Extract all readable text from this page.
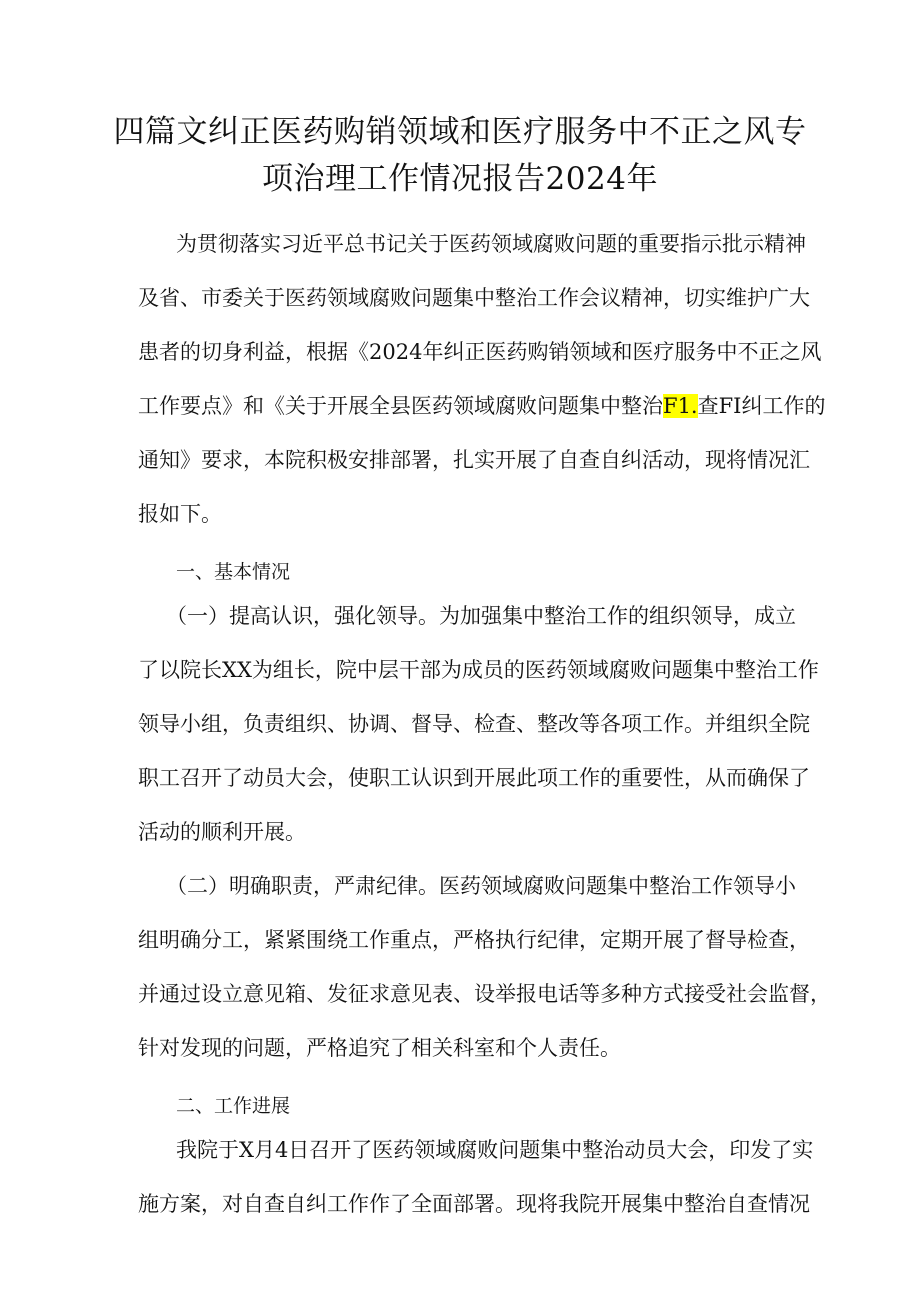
四篇文纠正医药购销领域和医疗服务中不正之风专
项治理工作情况报告2024年
为贯彻落实习近平总书记关于医药领域腐败问题的重要指示批示精神
及省、市委关于医药领域腐败问题集中整治工作会议精神，切实维护广大
患者的切身利益，根据《2024年纠正医药购销领域和医疗服务中不正之风
工作要点》和《关于开展全县医药领域腐败问题集中整治F1.查FI纠工作的
通知》要求，本院积极安排部署，扎实开展了自查自纠活动，现将情况汇
报如下。
一、基本情况
（一）提高认识，强化领导。为加强集中整治工作的组织领导，成立
了以院长XX为组长，院中层干部为成员的医药领域腐败问题集中整治工作
领导小组，负责组织、协调、督导、检查、整改等各项工作。并组织全院
职工召开了动员大会，使职工认识到开展此项工作的重要性，从而确保了
活动的顺利开展。
（二）明确职责，严肃纪律。医药领域腐败问题集中整治工作领导小
组明确分工，紧紧围绕工作重点，严格执行纪律，定期开展了督导检查，
并通过设立意见箱、发征求意见表、设举报电话等多种方式接受社会监督，
针对发现的问题，严格追究了相关科室和个人责任。
二、工作进展
我院于X月4日召开了医药领域腐败问题集中整治动员大会，印发了实
施方案，对自查自纠工作作了全面部署。现将我院开展集中整治自查情况
